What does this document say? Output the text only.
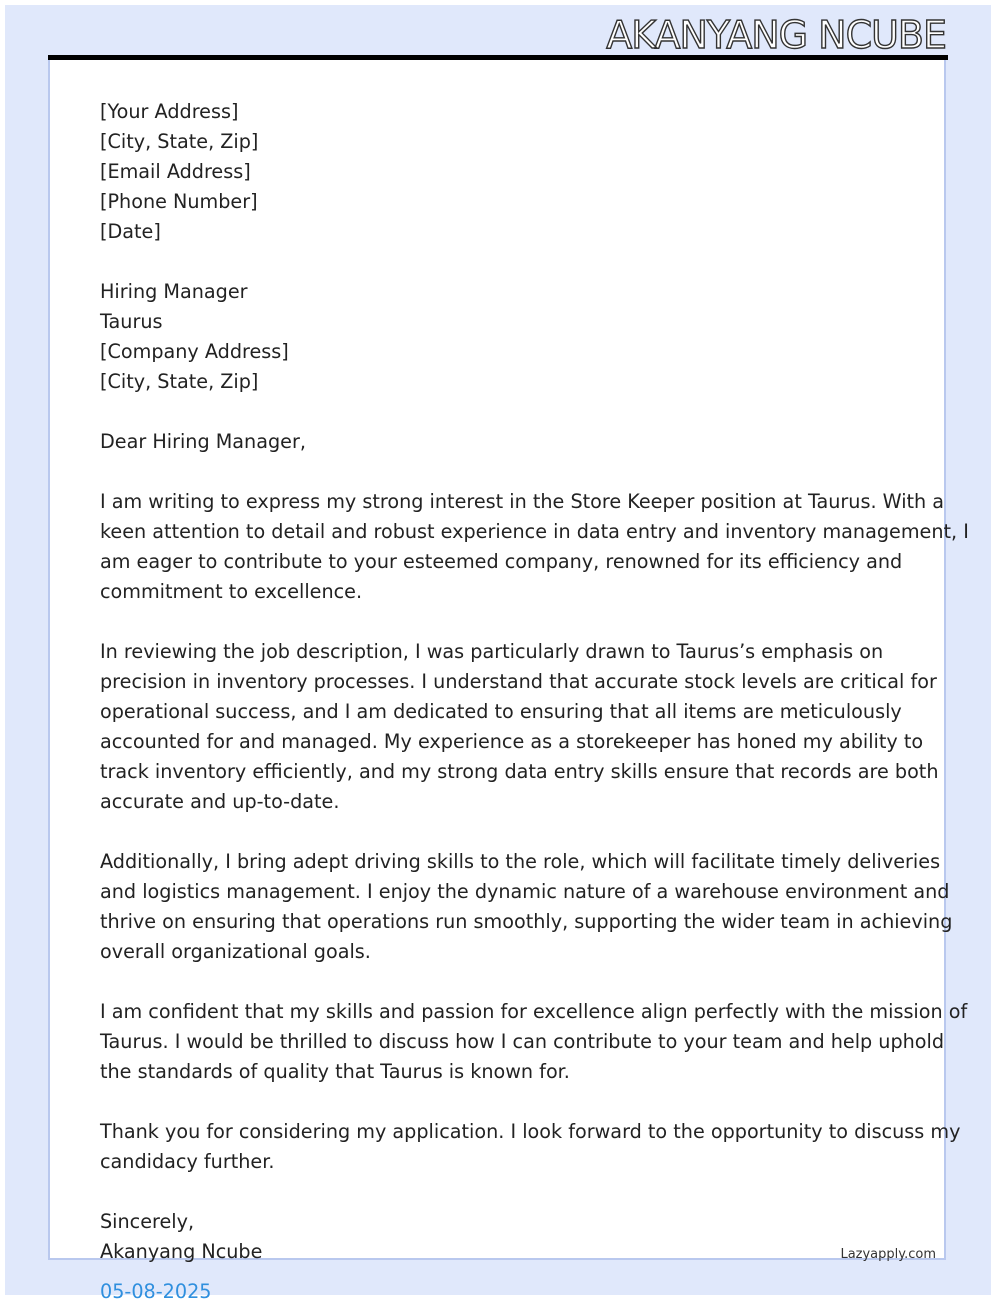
AKANYANG NCUBE
[Your Address]
[City, State, Zip]
[Email Address]
[Phone Number]
[Date]
Hiring Manager
Taurus
[Company Address]
[City, State, Zip]
Dear Hiring Manager,
I am writing to express my strong interest in the Store Keeper position at Taurus. With a
keen attention to detail and robust experience in data entry and inventory management, I
am eager to contribute to your esteemed company, renowned for its efficiency and
commitment to excellence.
In reviewing the job description, I was particularly drawn to Taurus’s emphasis on
precision in inventory processes. I understand that accurate stock levels are critical for
operational success, and I am dedicated to ensuring that all items are meticulously
accounted for and managed. My experience as a storekeeper has honed my ability to
track inventory efficiently, and my strong data entry skills ensure that records are both
accurate and up-to-date.
Additionally, I bring adept driving skills to the role, which will facilitate timely deliveries
and logistics management. I enjoy the dynamic nature of a warehouse environment and
thrive on ensuring that operations run smoothly, supporting the wider team in achieving
overall organizational goals.
I am confident that my skills and passion for excellence align perfectly with the mission of
Taurus. I would be thrilled to discuss how I can contribute to your team and help uphold
the standards of quality that Taurus is known for.
Thank you for considering my application. I look forward to the opportunity to discuss my
candidacy further.
Sincerely,
Akanyang Ncube
05-08-2025
Lazyapply.com
